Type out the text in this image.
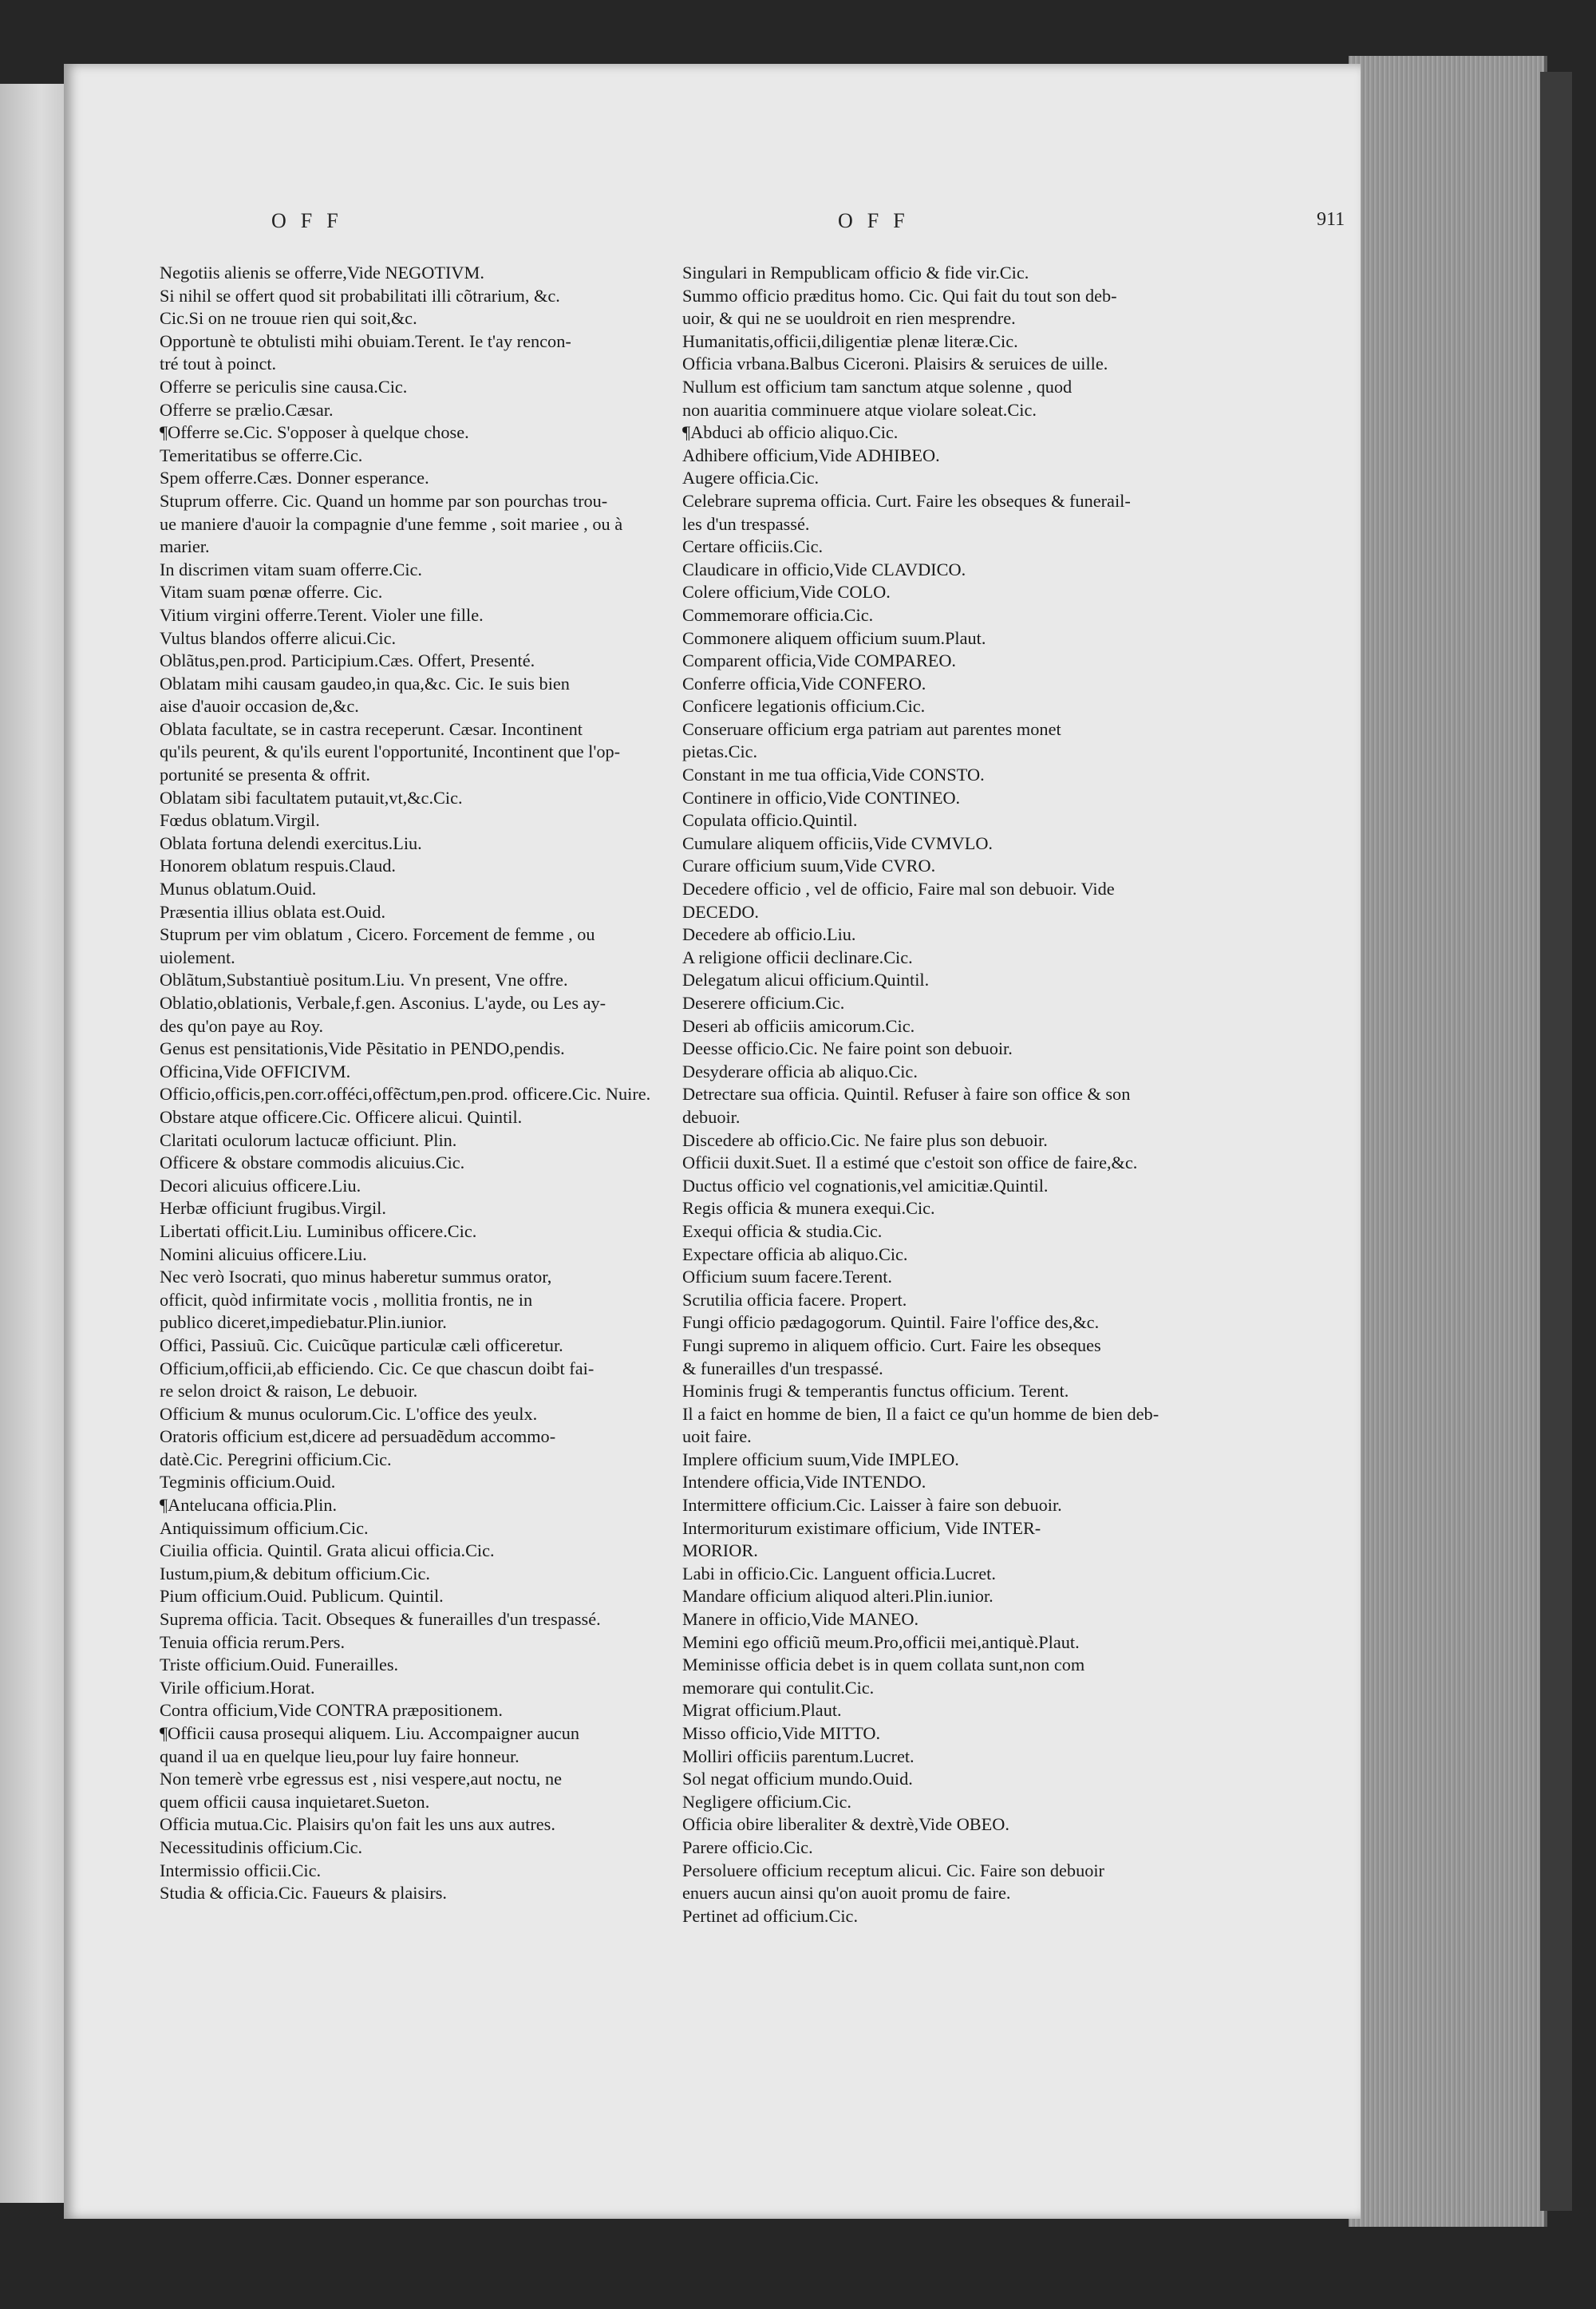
OFF	OFF	911
Negotiis alienis se offerre,Vide NEGOTIVM.
Si nihil se offert quod sit probabilitati illi cõtrarium, &c.
Cic.Si on ne trouue rien qui soit,&c.
Opportunè te obtulisti mihi obuiam.Terent. Ie t'ay rencon-
tré tout à poinct.
Offerre se periculis sine causa.Cic.
Offerre se prælio.Cæsar.
¶Offerre se.Cic. S'opposer à quelque chose.
Temeritatibus se offerre.Cic.
Spem offerre.Cæs. Donner esperance.
Stuprum offerre. Cic. Quand un homme par son pourchas trou-
ue maniere d'auoir la compagnie d'une femme , soit mariee , ou à
marier.
In discrimen vitam suam offerre.Cic.
Vitam suam pœnæ offerre. Cic.
Vitium virgini offerre.Terent. Violer une fille.
Vultus blandos offerre alicui.Cic.
Oblãtus,pen.prod. Participium.Cæs. Offert, Presenté.
Oblatam mihi causam gaudeo,in qua,&c. Cic. Ie suis bien
aise d'auoir occasion de,&c.
Oblata facultate, se in castra receperunt. Cæsar. Incontinent
qu'ils peurent, & qu'ils eurent l'opportunité, Incontinent que l'op-
portunité se presenta & offrit.
Oblatam sibi facultatem putauit,vt,&c.Cic.
Fœdus oblatum.Virgil.
Oblata fortuna delendi exercitus.Liu.
Honorem oblatum respuis.Claud.
Munus oblatum.Ouid.
Præsentia illius oblata est.Ouid.
Stuprum per vim oblatum , Cicero. Forcement de femme , ou
uiolement.
Oblãtum,Substantiuè positum.Liu. Vn present, Vne offre.
Oblatio,oblationis, Verbale,f.gen. Asconius. L'ayde, ou Les ay-
des qu'on paye au Roy.
Genus est pensitationis,Vide Pẽsitatio in PENDO,pendis.
Officina,Vide OFFICIVM.
Officio,officis,pen.corr.offéci,offẽctum,pen.prod. officere.Cic. Nuire.
Obstare atque officere.Cic. Officere alicui. Quintil.
Claritati oculorum lactucæ officiunt. Plin.
Officere & obstare commodis alicuius.Cic.
Decori alicuius officere.Liu.
Herbæ officiunt frugibus.Virgil.
Libertati officit.Liu. Luminibus officere.Cic.
Nomini alicuius officere.Liu.
Nec verò Isocrati, quo minus haberetur summus orator,
officit, quòd infirmitate vocis , mollitia frontis, ne in
publico diceret,impediebatur.Plin.iunior.
Offici, Passiuũ. Cic. Cuicũque particulæ cæli officeretur.
Officium,officii,ab efficiendo. Cic. Ce que chascun doibt fai-
re selon droict & raison, Le debuoir.
Officium & munus oculorum.Cic. L'office des yeulx.
Oratoris officium est,dicere ad persuadẽdum accommo-
datè.Cic. Peregrini officium.Cic.
Tegminis officium.Ouid.
¶Antelucana officia.Plin.
Antiquissimum officium.Cic.
Ciuilia officia. Quintil. Grata alicui officia.Cic.
Iustum,pium,& debitum officium.Cic.
Pium officium.Ouid. Publicum. Quintil.
Suprema officia. Tacit. Obseques & funerailles d'un trespassé.
Tenuia officia rerum.Pers.
Triste officium.Ouid. Funerailles.
Virile officium.Horat.
Contra officium,Vide CONTRA præpositionem.
¶Officii causa prosequi aliquem. Liu. Accompaigner aucun
quand il ua en quelque lieu,pour luy faire honneur.
Non temerè vrbe egressus est , nisi vespere,aut noctu, ne
quem officii causa inquietaret.Sueton.
Officia mutua.Cic. Plaisirs qu'on fait les uns aux autres.
Necessitudinis officium.Cic.
Intermissio officii.Cic.
Studia & officia.Cic. Faueurs & plaisirs.
Singulari in Rempublicam officio & fide vir.Cic.
Summo officio præditus homo. Cic. Qui fait du tout son deb-
uoir, & qui ne se uouldroit en rien mesprendre.
Humanitatis,officii,diligentiæ plenæ literæ.Cic.
Officia vrbana.Balbus Ciceroni. Plaisirs & seruices de uille.
Nullum est officium tam sanctum atque solenne , quod
non auaritia comminuere atque violare soleat.Cic.
¶Abduci ab officio aliquo.Cic.
Adhibere officium,Vide ADHIBEO.
Augere officia.Cic.
Celebrare suprema officia. Curt. Faire les obseques & funerail-
les d'un trespassé.
Certare officiis.Cic.
Claudicare in officio,Vide CLAVDICO.
Colere officium,Vide COLO.
Commemorare officia.Cic.
Commonere aliquem officium suum.Plaut.
Comparent officia,Vide COMPAREO.
Conferre officia,Vide CONFERO.
Conficere legationis officium.Cic.
Conseruare officium erga patriam aut parentes monet
pietas.Cic.
Constant in me tua officia,Vide CONSTO.
Continere in officio,Vide CONTINEO.
Copulata officio.Quintil.
Cumulare aliquem officiis,Vide CVMVLO.
Curare officium suum,Vide CVRO.
Decedere officio , vel de officio, Faire mal son debuoir. Vide
DECEDO.
Decedere ab officio.Liu.
A religione officii declinare.Cic.
Delegatum alicui officium.Quintil.
Deserere officium.Cic.
Deseri ab officiis amicorum.Cic.
Deesse officio.Cic. Ne faire point son debuoir.
Desyderare officia ab aliquo.Cic.
Detrectare sua officia. Quintil. Refuser à faire son office & son
debuoir.
Discedere ab officio.Cic. Ne faire plus son debuoir.
Officii duxit.Suet. Il a estimé que c'estoit son office de faire,&c.
Ductus officio vel cognationis,vel amicitiæ.Quintil.
Regis officia & munera exequi.Cic.
Exequi officia & studia.Cic.
Expectare officia ab aliquo.Cic.
Officium suum facere.Terent.
Scrutilia officia facere. Propert.
Fungi officio pædagogorum. Quintil. Faire l'office des,&c.
Fungi supremo in aliquem officio. Curt. Faire les obseques
& funerailles d'un trespassé.
Hominis frugi & temperantis functus officium. Terent.
Il a faict en homme de bien, Il a faict ce qu'un homme de bien deb-
uoit faire.
Implere officium suum,Vide IMPLEO.
Intendere officia,Vide INTENDO.
Intermittere officium.Cic. Laisser à faire son debuoir.
Intermoriturum existimare officium, Vide INTER-
MORIOR.
Labi in officio.Cic. Languent officia.Lucret.
Mandare officium aliquod alteri.Plin.iunior.
Manere in officio,Vide MANEO.
Memini ego officiũ meum.Pro,officii mei,antiquè.Plaut.
Meminisse officia debet is in quem collata sunt,non com
memorare qui contulit.Cic.
Migrat officium.Plaut.
Misso officio,Vide MITTO.
Molliri officiis parentum.Lucret.
Sol negat officium mundo.Ouid.
Negligere officium.Cic.
Officia obire liberaliter & dextrè,Vide OBEO.
Parere officio.Cic.
Persoluere officium receptum alicui. Cic. Faire son debuoir
enuers aucun ainsi qu'on auoit promu de faire.
Pertinet ad officium.Cic.
